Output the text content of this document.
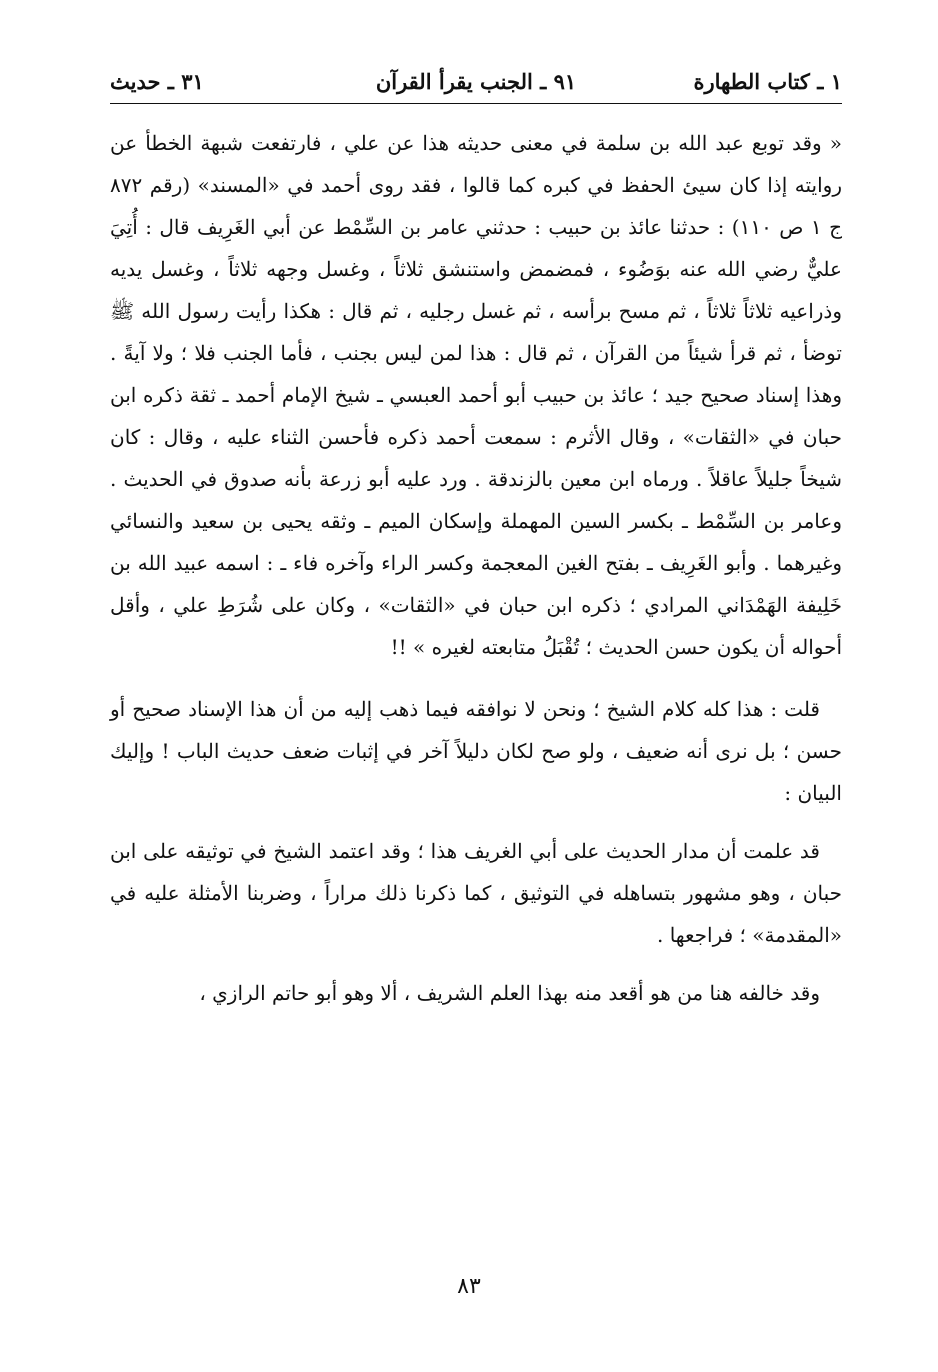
١ ـ كتاب الطهارة
٩١ ـ الجنب يقرأ القرآن
٣١ ـ حديث

« وقد توبع عبد الله بن سلمة في معنى حديثه هذا عن علي ، فارتفعت شبهة الخطأ عن روايته إذا كان سيئ الحفظ في كبره كما قالوا ، فقد روى أحمد في «المسند» (رقم ٨٧٢ ج ١ ص ١١٠) : حدثنا عائذ بن حبيب : حدثني عامر بن السِّمْط عن أبي الغَرِيف قال : أُتِيَ عليٌّ رضي الله عنه بوَضُوء ، فمضمض واستنشق ثلاثاً ، وغسل وجهه ثلاثاً ، وغسل يديه وذراعيه ثلاثاً ثلاثاً ، ثم مسح برأسه ، ثم غسل رجليه ، ثم قال : هكذا رأيت رسول الله ﷺ توضأ ، ثم قرأ شيئاً من القرآن ، ثم قال : هذا لمن ليس بجنب ، فأما الجنب فلا ؛ ولا آيةً . وهذا إسناد صحيح جيد ؛ عائذ بن حبيب أبو أحمد العبسي ـ شيخ الإمام أحمد ـ ثقة ذكره ابن حبان في «الثقات» ، وقال الأثرم : سمعت أحمد ذكره فأحسن الثناء عليه ، وقال : كان شيخاً جليلاً عاقلاً . ورماه ابن معين بالزندقة . ورد عليه أبو زرعة بأنه صدوق في الحديث . وعامر بن السِّمْط ـ بكسر السين المهملة وإسكان الميم ـ وثقه يحيى بن سعيد والنسائي وغيرهما . وأبو الغَرِيف ـ بفتح الغين المعجمة وكسر الراء وآخره فاء ـ : اسمه عبيد الله بن خَلِيفة الهَمْدَاني المرادي ؛ ذكره ابن حبان في «الثقات» ، وكان على شُرَطِ علي ، وأقل أحواله أن يكون حسن الحديث ؛ تُقْبَلُ متابعته لغيره » !!

قلت : هذا كله كلام الشيخ ؛ ونحن لا نوافقه فيما ذهب إليه من أن هذا الإسناد صحيح أو حسن ؛ بل نرى أنه ضعيف ، ولو صح لكان دليلاً آخر في إثبات ضعف حديث الباب ! وإليك البيان :

قد علمت أن مدار الحديث على أبي الغريف هذا ؛ وقد اعتمد الشيخ في توثيقه على ابن حبان ، وهو مشهور بتساهله في التوثيق ، كما ذكرنا ذلك مراراً ، وضربنا الأمثلة عليه في «المقدمة» ؛ فراجعها .

وقد خالفه هنا من هو أقعد منه بهذا العلم الشريف ، ألا وهو أبو حاتم الرازي ،

٨٣
